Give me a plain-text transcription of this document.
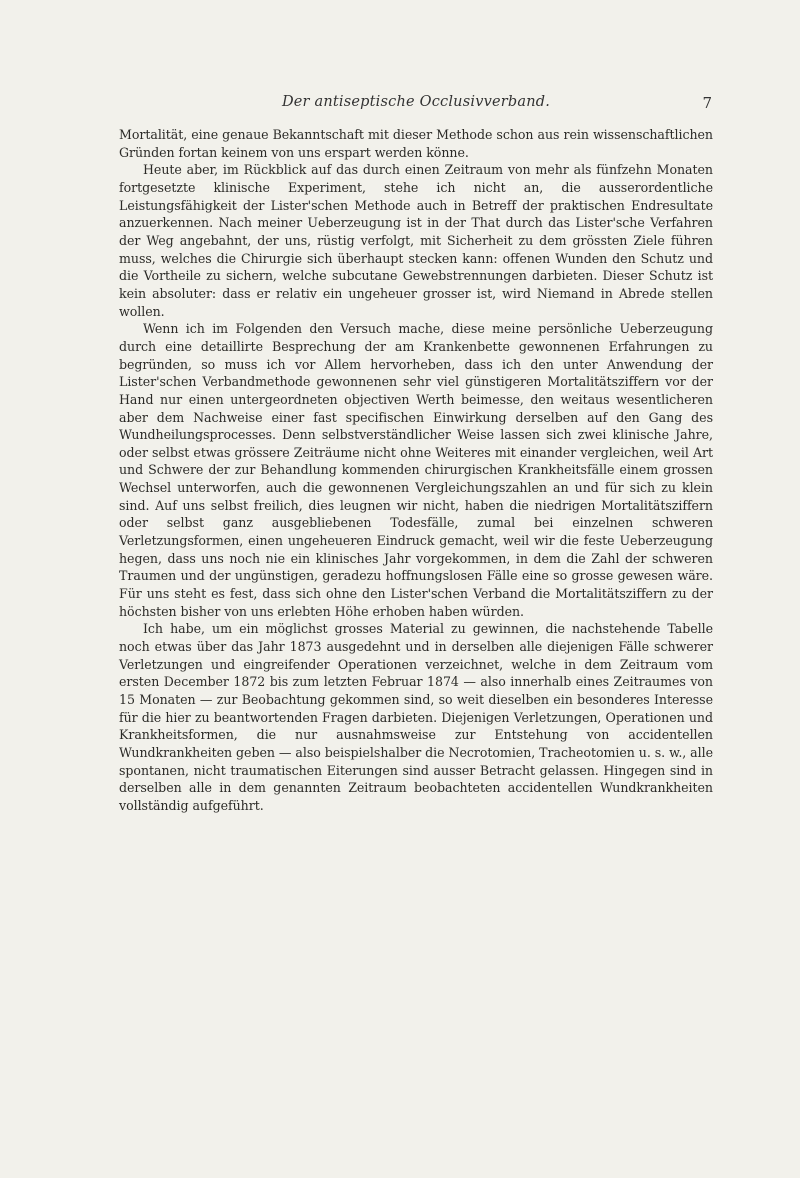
Der antiseptische Occlusivverband.	7

Mortalität, eine genaue Bekanntschaft mit dieser Methode schon aus rein wissenschaftlichen Gründen fortan keinem von uns erspart werden könne.

Heute aber, im Rückblick auf das durch einen Zeitraum von mehr als fünfzehn Monaten fortgesetzte klinische Experiment, stehe ich nicht an, die ausserordentliche Leistungsfähigkeit der Lister'schen Methode auch in Betreff der praktischen Endresultate anzuerkennen. Nach meiner Ueberzeugung ist in der That durch das Lister'sche Verfahren der Weg angebahnt, der uns, rüstig verfolgt, mit Sicherheit zu dem grössten Ziele führen muss, welches die Chirurgie sich überhaupt stecken kann: offenen Wunden den Schutz und die Vortheile zu sichern, welche subcutane Gewebstrennungen darbieten. Dieser Schutz ist kein absoluter: dass er relativ ein ungeheuer grosser ist, wird Niemand in Abrede stellen wollen.

Wenn ich im Folgenden den Versuch mache, diese meine persönliche Ueberzeugung durch eine detaillirte Besprechung der am Krankenbette gewonnenen Erfahrungen zu begründen, so muss ich vor Allem hervorheben, dass ich den unter Anwendung der Lister'schen Verbandmethode gewonnenen sehr viel günstigeren Mortalitätsziffern vor der Hand nur einen untergeordneten objectiven Werth beimesse, den weitaus wesentlicheren aber dem Nachweise einer fast specifischen Einwirkung derselben auf den Gang des Wundheilungsprocesses. Denn selbstverständlicher Weise lassen sich zwei klinische Jahre, oder selbst etwas grössere Zeiträume nicht ohne Weiteres mit einander vergleichen, weil Art und Schwere der zur Behandlung kommenden chirurgischen Krankheitsfälle einem grossen Wechsel unterworfen, auch die gewonnenen Vergleichungszahlen an und für sich zu klein sind. Auf uns selbst freilich, dies leugnen wir nicht, haben die niedrigen Mortalitätsziffern oder selbst ganz ausgebliebenen Todesfälle, zumal bei einzelnen schweren Verletzungsformen, einen ungeheueren Eindruck gemacht, weil wir die feste Ueberzeugung hegen, dass uns noch nie ein klinisches Jahr vorgekommen, in dem die Zahl der schweren Traumen und der ungünstigen, geradezu hoffnungslosen Fälle eine so grosse gewesen wäre. Für uns steht es fest, dass sich ohne den Lister'schen Verband die Mortalitätsziffern zu der höchsten bisher von uns erlebten Höhe erhoben haben würden.

Ich habe, um ein möglichst grosses Material zu gewinnen, die nachstehende Tabelle noch etwas über das Jahr 1873 ausgedehnt und in derselben alle diejenigen Fälle schwerer Verletzungen und eingreifender Operationen verzeichnet, welche in dem Zeitraum vom ersten December 1872 bis zum letzten Februar 1874 — also innerhalb eines Zeitraumes von 15 Monaten — zur Beobachtung gekommen sind, so weit dieselben ein besonderes Interesse für die hier zu beantwortenden Fragen darbieten. Diejenigen Verletzungen, Operationen und Krankheitsformen, die nur ausnahmsweise zur Entstehung von accidentellen Wundkrankheiten geben — also beispielshalber die Necrotomien, Tracheotomien u. s. w., alle spontanen, nicht traumatischen Eiterungen sind ausser Betracht gelassen. Hingegen sind in derselben alle in dem genannten Zeitraum beobachteten accidentellen Wundkrankheiten vollständig aufgeführt.
